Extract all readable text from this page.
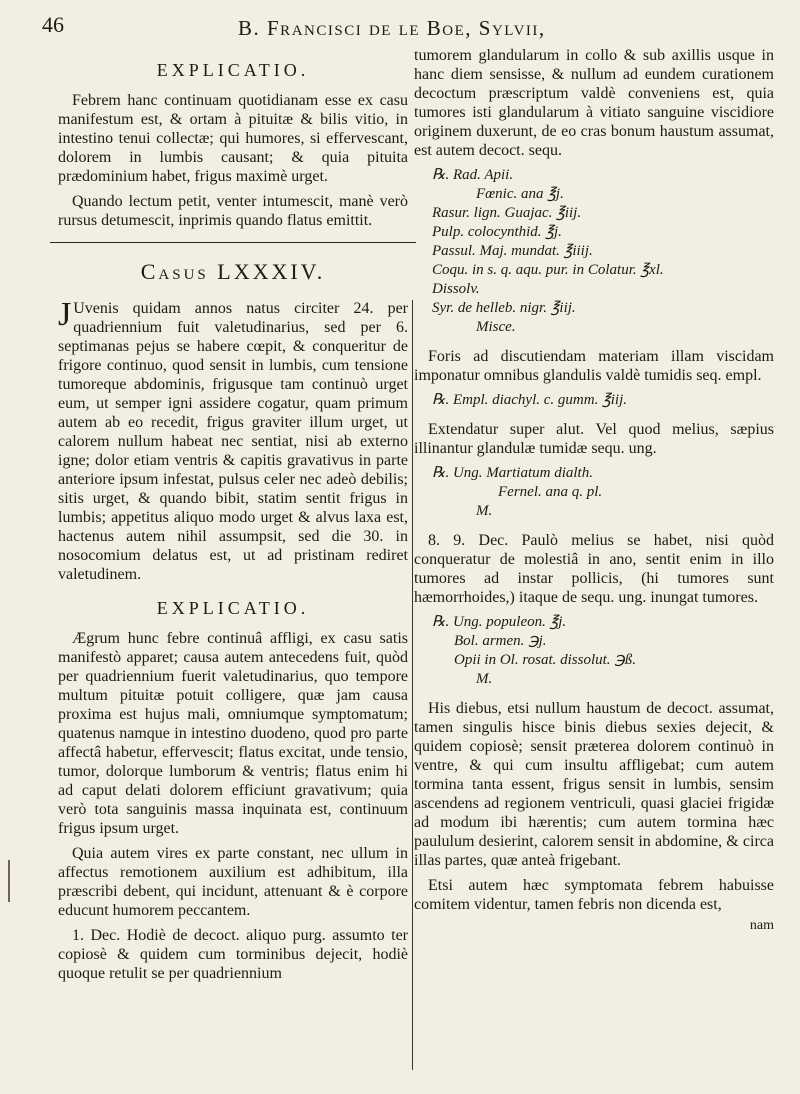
46	B. Francisci de le Boe, Sylvii,
EXPLICATIO.

Febrem hanc continuam quotidianam esse ex casu manifestum est, & ortam à pituitæ & bilis vitio, in intestino tenui collectæ; qui humores, si effervescant, dolorem in lumbis causant; & quia pituita prædominium habet, frigus maximè urget.

Quando lectum petit, venter intumescit, manè verò rursus detumescit, inprimis quando flatus emittit.

Casus LXXXIV.

J Uvenis quidam annos natus circiter 24. per quadriennium fuit valetudinarius, sed per 6. septimanas pejus se habere cœpit, & conqueritur de frigore continuo, quod sensit in lumbis, cum tensione tumoreque abdominis, frigusque tam continuò urget eum, ut semper igni assidere cogatur, quam primum autem ab eo recedit, frigus graviter illum urget, ut calorem nullum habeat nec sentiat, nisi ab externo igne; dolor etiam ventris & capitis gravativus in parte anteriore ipsum infestat, pulsus celer nec adeò debilis; sitis urget, & quando bibit, statim sentit frigus in lumbis; appetitus aliquo modo urget & alvus laxa est, hactenus autem nihil assumpsit, sed die 30. in nosocomium delatus est, ut ad pristinam rediret valetudinem.

EXPLICATIO.

Ægrum hunc febre continuâ affligi, ex casu satis manifestò apparet; causa autem antecedens fuit, quòd per quadriennium fuerit valetudinarius, quo tempore multum pituitæ potuit colligere, quæ jam causa proxima est hujus mali, omniumque symptomatum; quatenus namque in intestino duodeno, quod pro parte affectâ habetur, effervescit; flatus excitat, unde tensio, tumor, dolorque lumborum & ventris; flatus enim hi ad caput delati dolorem efficiunt gravativum; quia verò tota sanguinis massa inquinata est, continuum frigus ipsum urget.

Quia autem vires ex parte constant, nec ullum in affectus remotionem auxilium est adhibitum, illa præscribi debent, qui incidunt, attenuant & è corpore educunt humorem peccantem.

1. Dec. Hodiè de decoct. aliquo purg. assumto ter copiosè & quidem cum torminibus dejecit, hodiè quoque retulit se per quadriennium

tumorem glandularum in collo & sub axillis usque in hanc diem sensisse, & nullum ad eundem curationem decoctum præscriptum valdè conveniens est, quia tumores isti glandularum à vitiato sanguine viscidiore originem duxerunt, de eo cras bonum haustum assumat, est autem decoct. sequ.

℞. Rad. Apii.
Fœnic. ana ℥j.
Rasur. lign. Guajac. ℥iij.
Pulp. colocynthid. ℥j.
Passul. Maj. mundat. ℥iiij.
Coqu. in s. q. aqu. pur. in Colatur. ℥xl.
Dissolv.
Syr. de helleb. nigr. ℥iij.
Misce.

Foris ad discutiendam materiam illam viscidam imponatur omnibus glandulis valdè tumidis seq. empl.

℞. Empl. diachyl. c. gumm. ℥iij.

Extendatur super alut. Vel quod melius, sæpius illinantur glandulæ tumidæ sequ. ung.

℞. Ung. Martiatum dialth.
Fernel. ana q. pl.
M.

8. 9. Dec. Paulò melius se habet, nisi quòd conqueratur de molestiâ in ano, sentit enim in illo tumores ad instar pollicis, (hi tumores sunt hæmorrhoides,) itaque de sequ. ung. inungat tumores.

℞. Ung. populeon. ℥j.
Bol. armen. ℈j.
Opii in Ol. rosat. dissolut. ℈ß.
M.

His diebus, etsi nullum haustum de decoct. assumat, tamen singulis hisce binis diebus sexies dejecit, & quidem copiosè; sensit præterea dolorem continuò in ventre, & qui cum insultu affligebat; cum autem tormina tanta essent, frigus sensit in lumbis, sensim ascendens ad regionem ventriculi, quasi glaciei frigidæ ad modum ibi hærentis; cum autem tormina hæc paululum desierint, calorem sensit in abdomine, & circa illas partes, quæ anteà frigebant.

Etsi autem hæc symptomata febrem habuisse comitem videntur, tamen febris non dicenda est,

nam
